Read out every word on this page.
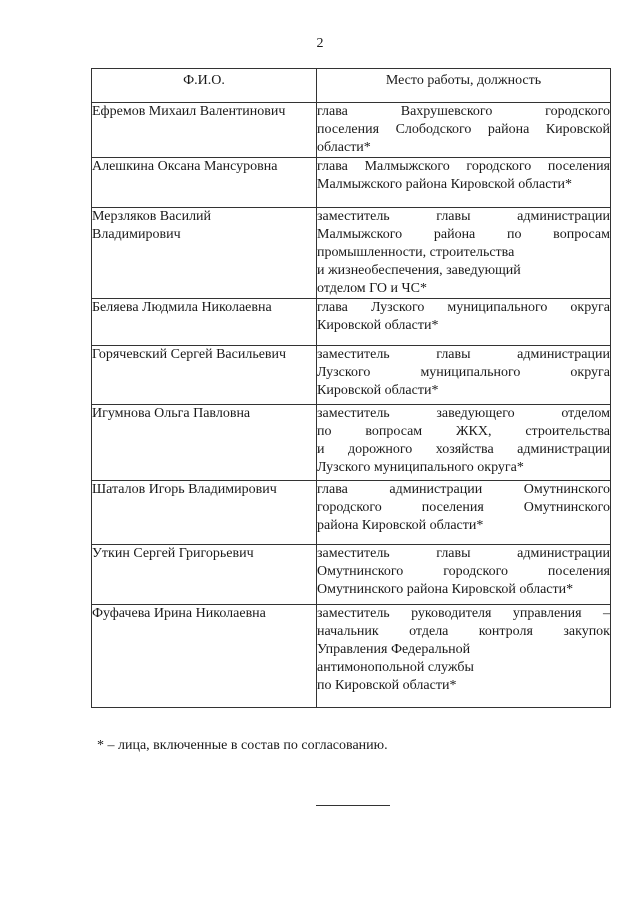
2
Ф.И.О.	Место работы, должность

Ефремов Михаил Валентинович	глава Вахрушевского городского
поселения Слободского района Кировской
области*

Алешкина Оксана Мансуровна	глава Малмыжского городского поселения
Малмыжского района Кировской области*

Мерзляков Василий
Владимирович	заместитель главы администрации
Малмыжского района по вопросам
промышленности, строительства
и жизнеобеспечения, заведующий
отделом ГО и ЧС*

Беляева Людмила Николаевна	глава Лузского муниципального округа
Кировской области*

Горячевский Сергей Васильевич	заместитель главы администрации
Лузского муниципального округа
Кировской области*

Игумнова Ольга Павловна	заместитель заведующего отделом
по вопросам ЖКХ, строительства
и дорожного хозяйства администрации
Лузского муниципального округа*

Шаталов Игорь Владимирович	глава администрации Омутнинского
городского поселения Омутнинского
района Кировской области*

Уткин Сергей Григорьевич	заместитель главы администрации
Омутнинского городского поселения
Омутнинского района Кировской области*

Фуфачева Ирина Николаевна	заместитель руководителя управления –
начальник отдела контроля закупок
Управления Федеральной
антимонопольной службы
по Кировской области*
* – лица, включенные в состав по согласованию.
